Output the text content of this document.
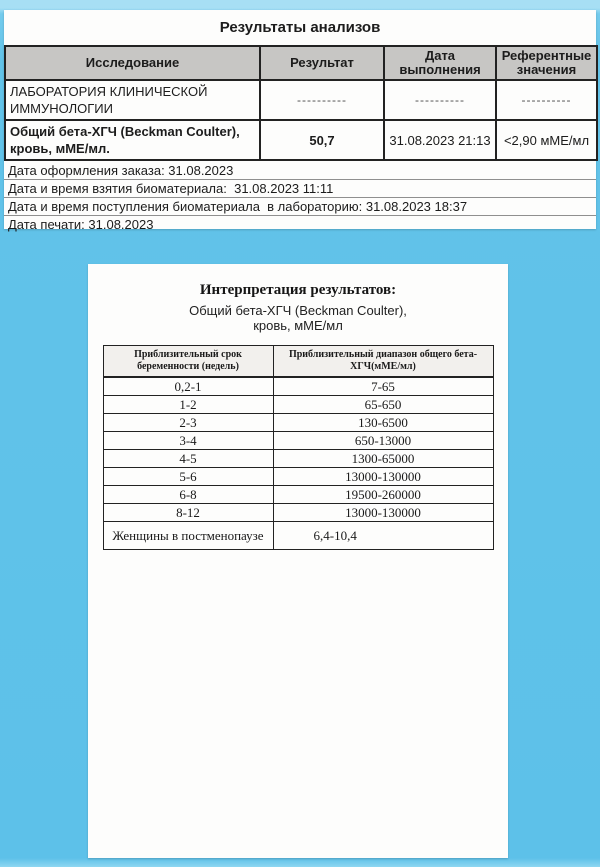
Результаты анализов
Исследование	Результат	Дата выполнения	Референтные значения
ЛАБОРАТОРИЯ КЛИНИЧЕСКОЙ ИММУНОЛОГИИ	----------	----------	----------
Общий бета-ХГЧ (Beckman Coulter), кровь, мМЕ/мл.	50,7	31.08.2023 21:13	<2,90 мМЕ/мл
Дата оформления заказа: 31.08.2023
Дата и время взятия биоматериала:  31.08.2023 11:11
Дата и время поступления биоматериала  в лабораторию: 31.08.2023 18:37
Дата печати: 31.08.2023
Интерпретация результатов:
Общий бета-ХГЧ (Beckman Coulter),
кровь, мМЕ/мл
Приблизительный срок беременности (недель)	Приблизительный диапазон общего бета-ХГЧ(мМЕ/мл)
0,2-1	7-65
1-2	65-650
2-3	130-6500
3-4	650-13000
4-5	1300-65000
5-6	13000-130000
6-8	19500-260000
8-12	13000-130000
Женщины в постменопаузе	6,4-10,4
